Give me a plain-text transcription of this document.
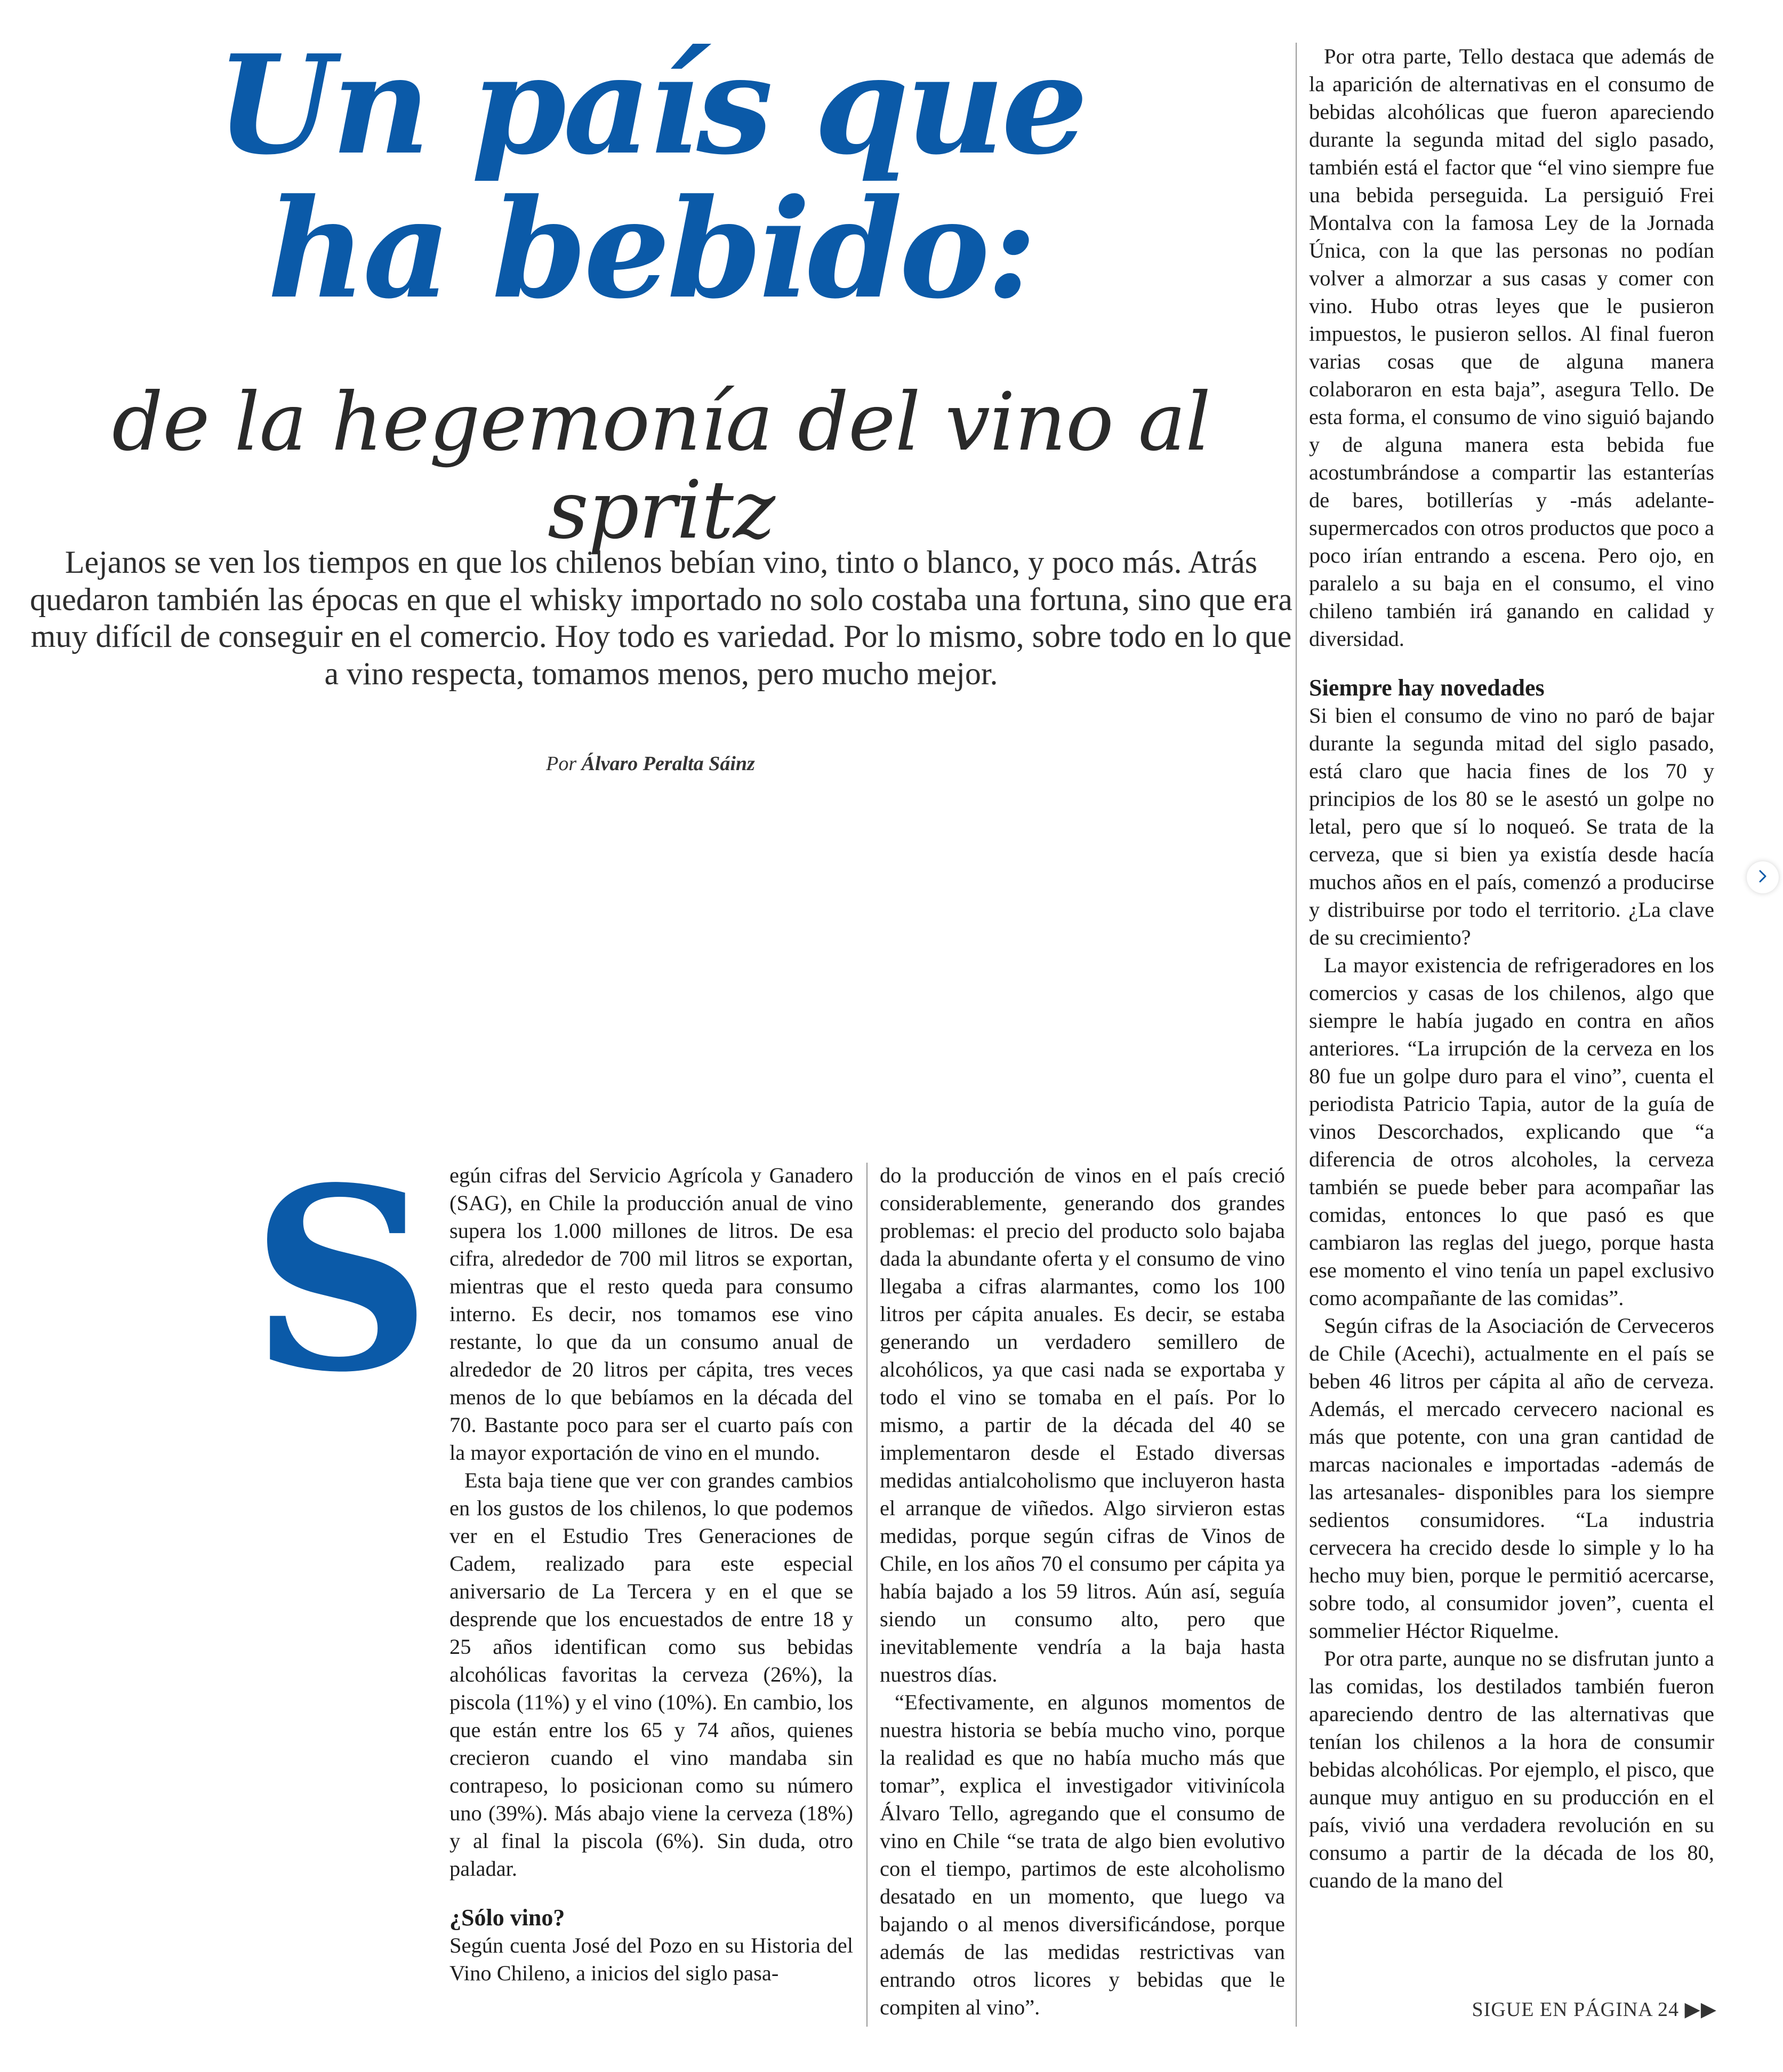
Un país que
ha bebido:
de la hegemonía del vino al spritz
Lejanos se ven los tiempos en que los chilenos bebían vino, tinto o blanco, y poco más. Atrás quedaron también las épocas en que el whisky importado no solo costaba una fortuna, sino que era muy difícil de conseguir en el comercio. Hoy todo es variedad. Por lo mismo, sobre todo en lo que a vino respecta, tomamos menos, pero mucho mejor.
Por Álvaro Peralta Sáinz
S egún cifras del Servicio Agrícola y Ganadero (SAG), en Chile la producción anual de vino supera los 1.000 millones de litros. De esa cifra, alrededor de 700 mil litros se exportan, mientras que el resto queda para consumo interno. Es decir, nos tomamos ese vino restante, lo que da un consumo anual de alrededor de 20 litros per cápita, tres veces menos de lo que bebíamos en la década del 70. Bastante poco para ser el cuarto país con la mayor exportación de vino en el mundo.

Esta baja tiene que ver con grandes cambios en los gustos de los chilenos, lo que podemos ver en el Estudio Tres Generaciones de Cadem, realizado para este especial aniversario de La Tercera y en el que se desprende que los encuestados de entre 18 y 25 años identifican como sus bebidas alcohólicas favoritas la cerveza (26%), la piscola (11%) y el vino (10%). En cambio, los que están entre los 65 y 74 años, quienes crecieron cuando el vino mandaba sin contrapeso, lo posicionan como su número uno (39%). Más abajo viene la cerveza (18%) y al final la piscola (6%). Sin duda, otro paladar.

¿Sólo vino?

Según cuenta José del Pozo en su Historia del Vino Chileno, a inicios del siglo pasa-

do la producción de vinos en el país creció considerablemente, generando dos grandes problemas: el precio del producto solo bajaba dada la abundante oferta y el consumo de vino llegaba a cifras alarmantes, como los 100 litros per cápita anuales. Es decir, se estaba generando un verdadero semillero de alcohólicos, ya que casi nada se exportaba y todo el vino se tomaba en el país. Por lo mismo, a partir de la década del 40 se implementaron desde el Estado diversas medidas antialcoholismo que incluyeron hasta el arranque de viñedos. Algo sirvieron estas medidas, porque según cifras de Vinos de Chile, en los años 70 el consumo per cápita ya había bajado a los 59 litros. Aún así, seguía siendo un consumo alto, pero que inevitablemente vendría a la baja hasta nuestros días.

“Efectivamente, en algunos momentos de nuestra historia se bebía mucho vino, porque la realidad es que no había mucho más que tomar”, explica el investigador vitivinícola Álvaro Tello, agregando que el consumo de vino en Chile “se trata de algo bien evolutivo con el tiempo, partimos de este alcoholismo desatado en un momento, que luego va bajando o al menos diversificándose, porque además de las medidas restrictivas van entrando otros licores y bebidas que le compiten al vino”.

Por otra parte, Tello destaca que además de la aparición de alternativas en el consumo de bebidas alcohólicas que fueron apareciendo durante la segunda mitad del siglo pasado, también está el factor que “el vino siempre fue una bebida perseguida. La persiguió Frei Montalva con la famosa Ley de la Jornada Única, con la que las personas no podían volver a almorzar a sus casas y comer con vino. Hubo otras leyes que le pusieron impuestos, le pusieron sellos. Al final fueron varias cosas que de alguna manera colaboraron en esta baja”, asegura Tello. De esta forma, el consumo de vino siguió bajando y de alguna manera esta bebida fue acostumbrándose a compartir las estanterías de bares, botillerías y -más adelante- supermercados con otros productos que poco a poco irían entrando a escena. Pero ojo, en paralelo a su baja en el consumo, el vino chileno también irá ganando en calidad y diversidad.

Siempre hay novedades

Si bien el consumo de vino no paró de bajar durante la segunda mitad del siglo pasado, está claro que hacia fines de los 70 y principios de los 80 se le asestó un golpe no letal, pero que sí lo noqueó. Se trata de la cerveza, que si bien ya existía desde hacía muchos años en el país, comenzó a producirse y distribuirse por todo el territorio. ¿La clave de su crecimiento?

La mayor existencia de refrigeradores en los comercios y casas de los chilenos, algo que siempre le había jugado en contra en años anteriores. “La irrupción de la cerveza en los 80 fue un golpe duro para el vino”, cuenta el periodista Patricio Tapia, autor de la guía de vinos Descorchados, explicando que “a diferencia de otros alcoholes, la cerveza también se puede beber para acompañar las comidas, entonces lo que pasó es que cambiaron las reglas del juego, porque hasta ese momento el vino tenía un papel exclusivo como acompañante de las comidas”.

Según cifras de la Asociación de Cerveceros de Chile (Acechi), actualmente en el país se beben 46 litros per cápita al año de cerveza. Además, el mercado cervecero nacional es más que potente, con una gran cantidad de marcas nacionales e importadas -además de las artesanales- disponibles para los siempre sedientos consumidores. “La industria cervecera ha crecido desde lo simple y lo ha hecho muy bien, porque le permitió acercarse, sobre todo, al consumidor joven”, cuenta el sommelier Héctor Riquelme.

Por otra parte, aunque no se disfrutan junto a las comidas, los destilados también fueron apareciendo dentro de las alternativas que tenían los chilenos a la hora de consumir bebidas alcohólicas. Por ejemplo, el pisco, que aunque muy antiguo en su producción en el país, vivió una verdadera revolución en su consumo a partir de la década de los 80, cuando de la mano del

SIGUE EN PÁGINA 24 ▶▶
